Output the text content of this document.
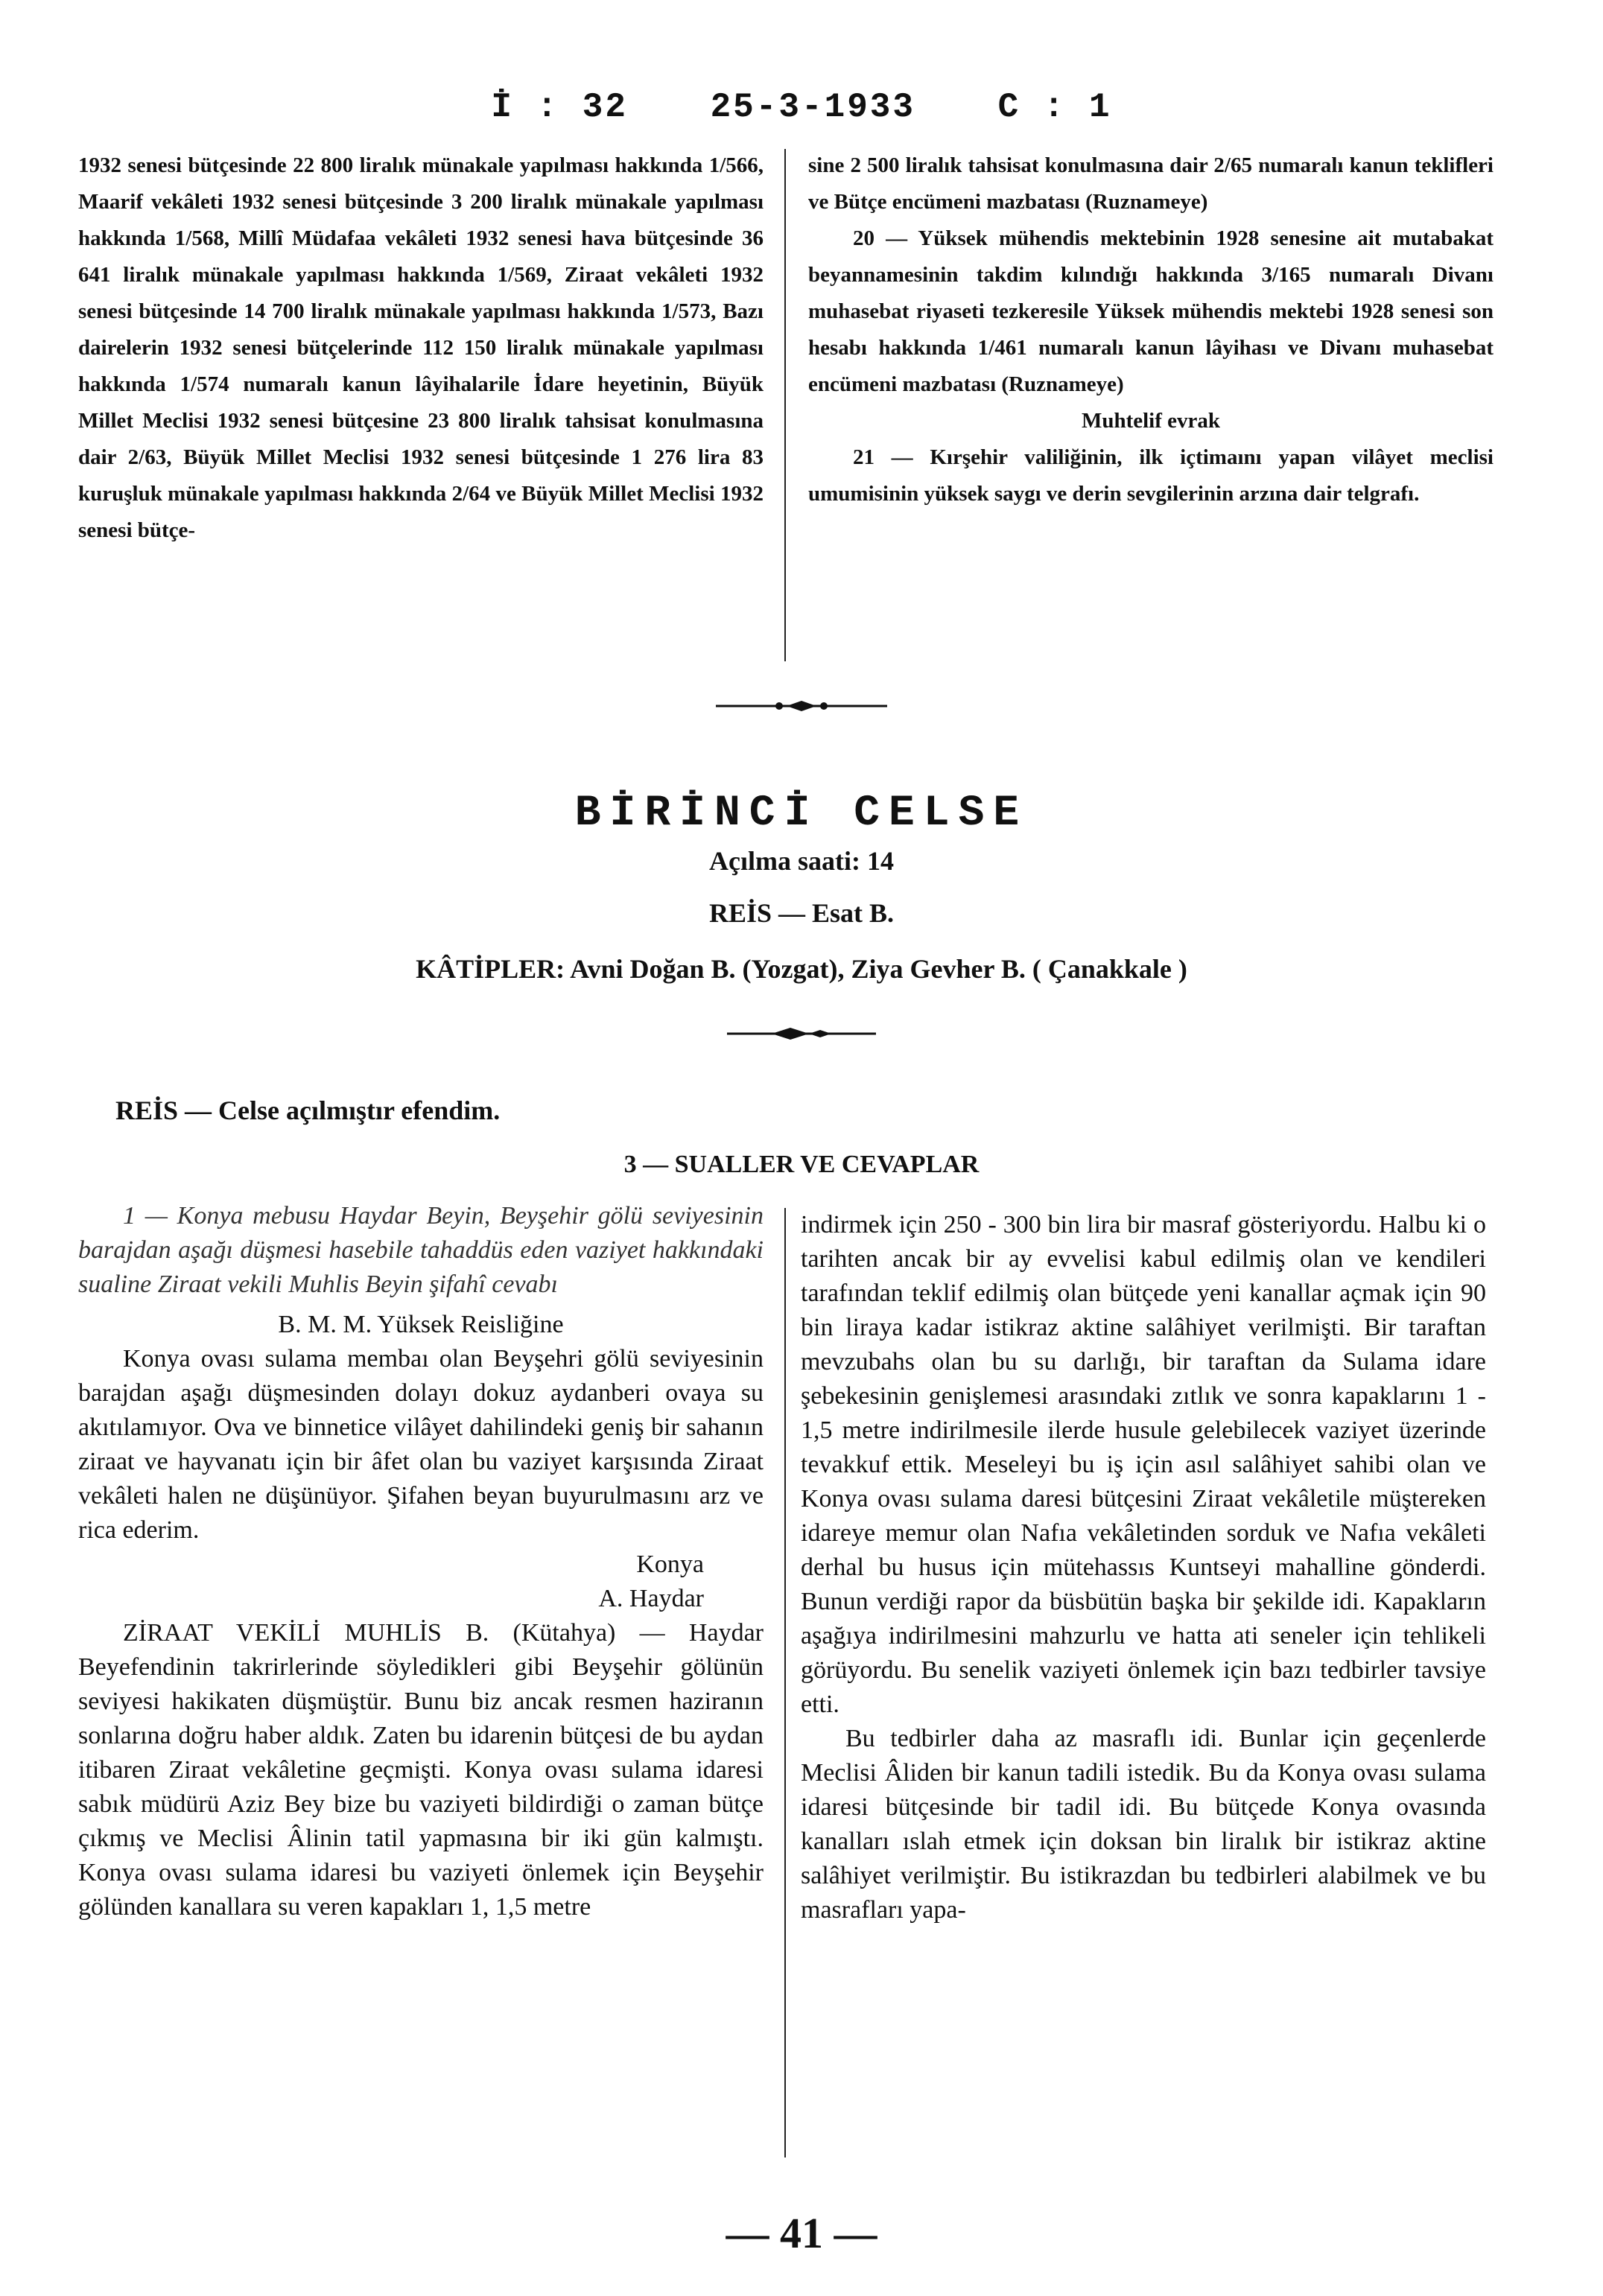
İ : 32 25-3-1933 C : 1

1932 senesi bütçesinde 22 800 liralık münakale yapılması hakkında 1/566, Maarif vekâleti 1932 senesi bütçesinde 3 200 liralık münakale yapılması hakkında 1/568, Millî Müdafaa vekâleti 1932 senesi hava bütçesinde 36 641 liralık münakale yapılması hakkında 1/569, Ziraat vekâleti 1932 senesi bütçesinde 14 700 liralık münakale yapılması hakkında 1/573, Bazı dairelerin 1932 senesi bütçelerinde 112 150 liralık münakale yapılması hakkında 1/574 numaralı kanun lâyihalarile İdare heyetinin, Büyük Millet Meclisi 1932 senesi bütçesine 23 800 liralık tahsisat konulmasına dair 2/63, Büyük Millet Meclisi 1932 senesi bütçesinde 1 276 lira 83 kuruşluk münakale yapılması hakkında 2/64 ve Büyük Millet Meclisi 1932 senesi bütçe-

sine 2 500 liralık tahsisat konulmasına dair 2/65 numaralı kanun teklifleri ve Bütçe encümeni mazbatası (Ruznameye)

20 — Yüksek mühendis mektebinin 1928 senesine ait mutabakat beyannamesinin takdim kılındığı hakkında 3/165 numaralı Divanı muhasebat riyaseti tezkeresile Yüksek mühendis mektebi 1928 senesi son hesabı hakkında 1/461 numaralı kanun lâyihası ve Divanı muhasebat encümeni mazbatası (Ruznameye)

Muhtelif evrak

21 — Kırşehir valiliğinin, ilk içtimaını yapan vilâyet meclisi umumisinin yüksek saygı ve derin sevgilerinin arzına dair telgrafı.

BİRİNCİ CELSE
Açılma saati: 14
REİS — Esat B.
KÂTİPLER: Avni Doğan B. (Yozgat), Ziya Gevher B. ( Çanakkale )
REİS — Celse açılmıştır efendim.
3 — SUALLER VE CEVAPLAR

1 — Konya mebusu Haydar Beyin, Beyşehir gölü seviyesinin barajdan aşağı düşmesi hasebile tahaddüs eden vaziyet hakkındaki sualine Ziraat vekili Muhlis Beyin şifahî cevabı

B. M. M. Yüksek Reisliğine

Konya ovası sulama membaı olan Beyşehri gölü seviyesinin barajdan aşağı düşmesinden dolayı dokuz aydanberi ovaya su akıtılamıyor. Ova ve binnetice vilâyet dahilindeki geniş bir sahanın ziraat ve hayvanatı için bir âfet olan bu vaziyet karşısında Ziraat vekâleti halen ne düşünüyor. Şifahen beyan buyurulmasını arz ve rica ederim.

Konya

A. Haydar

ZİRAAT VEKİLİ MUHLİS B. (Kütahya) — Haydar Beyefendinin takrirlerinde söyledikleri gibi Beyşehir gölünün seviyesi hakikaten düşmüştür. Bunu biz ancak resmen haziranın sonlarına doğru haber aldık. Zaten bu idarenin bütçesi de bu aydan itibaren Ziraat vekâletine geçmişti. Konya ovası sulama idaresi sabık müdürü Aziz Bey bize bu vaziyeti bildirdiği o zaman bütçe çıkmış ve Meclisi Âlinin tatil yapmasına bir iki gün kalmıştı. Konya ovası sulama idaresi bu vaziyeti önlemek için Beyşehir gölünden kanallara su veren kapakları 1, 1,5 metre

indirmek için 250 - 300 bin lira bir masraf gösteriyordu. Halbu ki o tarihten ancak bir ay evvelisi kabul edilmiş olan ve kendileri tarafından teklif edilmiş olan bütçede yeni kanallar açmak için 90 bin liraya kadar istikraz aktine salâhiyet verilmişti. Bir taraftan mevzubahs olan bu su darlığı, bir taraftan da Sulama idare şebekesinin genişlemesi arasındaki zıtlık ve sonra kapaklarını 1 - 1,5 metre indirilmesile ilerde husule gelebilecek vaziyet üzerinde tevakkuf ettik. Meseleyi bu iş için asıl salâhiyet sahibi olan ve Konya ovası sulama daresi bütçesini Ziraat vekâletile müştereken idareye memur olan Nafıa vekâletinden sorduk ve Nafıa vekâleti derhal bu husus için mütehassıs Kuntseyi mahalline gönderdi. Bunun verdiği rapor da büsbütün başka bir şekilde idi. Kapakların aşağıya indirilmesini mahzurlu ve hatta ati seneler için tehlikeli görüyordu. Bu senelik vaziyeti önlemek için bazı tedbirler tavsiye etti.

Bu tedbirler daha az masraflı idi. Bunlar için geçenlerde Meclisi Âliden bir kanun tadili istedik. Bu da Konya ovası sulama idaresi bütçesinde bir tadil idi. Bu bütçede Konya ovasında kanalları ıslah etmek için doksan bin liralık bir istikraz aktine salâhiyet verilmiştir. Bu istikrazdan bu tedbirleri alabilmek ve bu masrafları yapa-

— 41 —
